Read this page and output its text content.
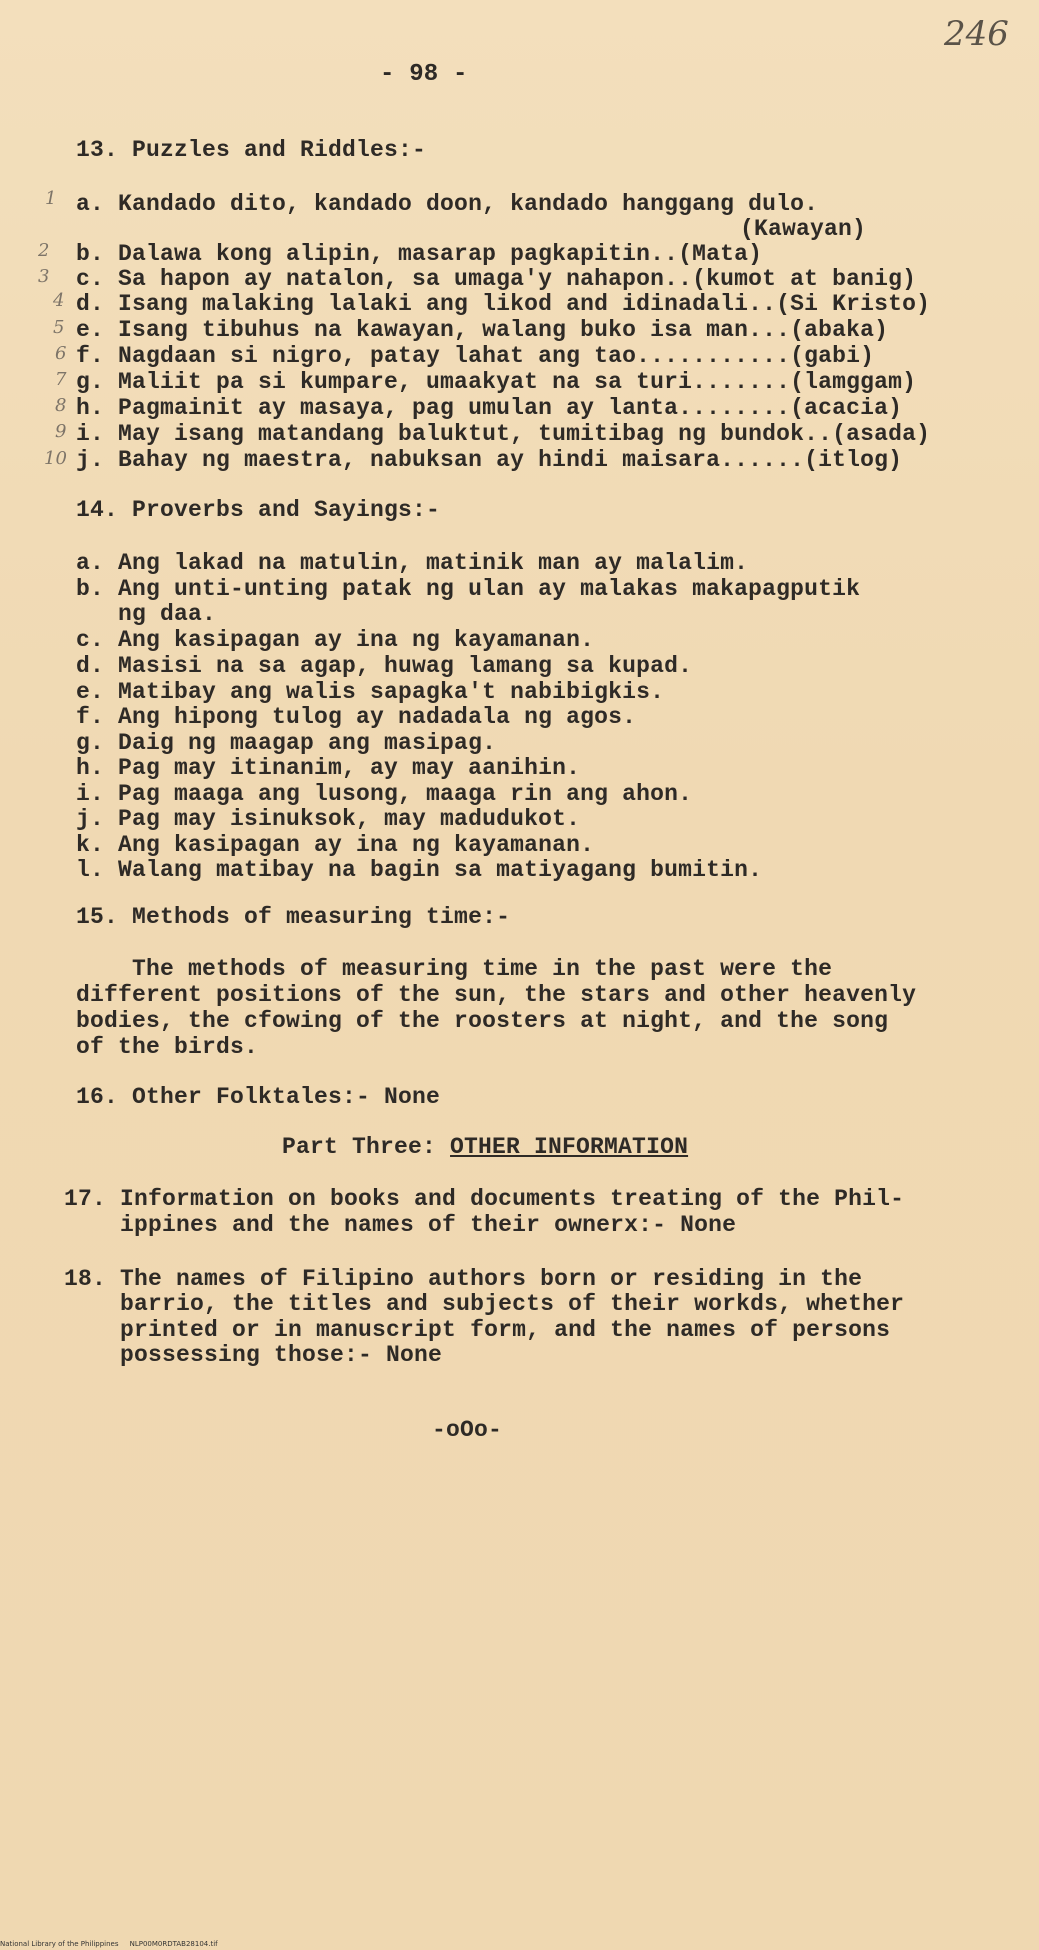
246
- 98 -
13. Puzzles and Riddles:-
a. Kandado dito, kandado doon, kandado hanggang dulo.
(Kawayan)
b. Dalawa kong alipin, masarap pagkapitin..(Mata)
c. Sa hapon ay natalon, sa umaga'y nahapon..(kumot at banig)
d. Isang malaking lalaki ang likod and idinadali..(Si Kristo)
e. Isang tibuhus na kawayan, walang buko isa man...(abaka)
f. Nagdaan si nigro, patay lahat ang tao...........(gabi)
g. Maliit pa si kumpare, umaakyat na sa turi.......(lamggam)
h. Pagmainit ay masaya, pag umulan ay lanta........(acacia)
i. May isang matandang baluktut, tumitibag ng bundok..(asada)
j. Bahay ng maestra, nabuksan ay hindi maisara......(itlog)
1
2
3
4
5
6
7
8
9
10
14. Proverbs and Sayings:-
a. Ang lakad na matulin, matinik man ay malalim.
b. Ang unti-unting patak ng ulan ay malakas makapagputik
ng daa.
c. Ang kasipagan ay ina ng kayamanan.
d. Masisi na sa agap, huwag lamang sa kupad.
e. Matibay ang walis sapagka't nabibigkis.
f. Ang hipong tulog ay nadadala ng agos.
g. Daig ng maagap ang masipag.
h. Pag may itinanim, ay may aanihin.
i. Pag maaga ang lusong, maaga rin ang ahon.
j. Pag may isinuksok, may madudukot.
k. Ang kasipagan ay ina ng kayamanan.
l. Walang matibay na bagin sa matiyagang bumitin.
15. Methods of measuring time:-
The methods of measuring time in the past were the
different positions of the sun, the stars and other heavenly
bodies, the cfowing of the roosters at night, and the song
of the birds.
16. Other Folktales:- None
Part Three: OTHER INFORMATION
17. Information on books and documents treating of the Phil-
ippines and the names of their ownerx:- None
18. The names of Filipino authors born or residing in the
barrio, the titles and subjects of their workds, whether
printed or in manuscript form, and the names of persons
possessing those:- None
-oOo-
National Library of the Philippines     NLP00M0RDTAB28104.tif
